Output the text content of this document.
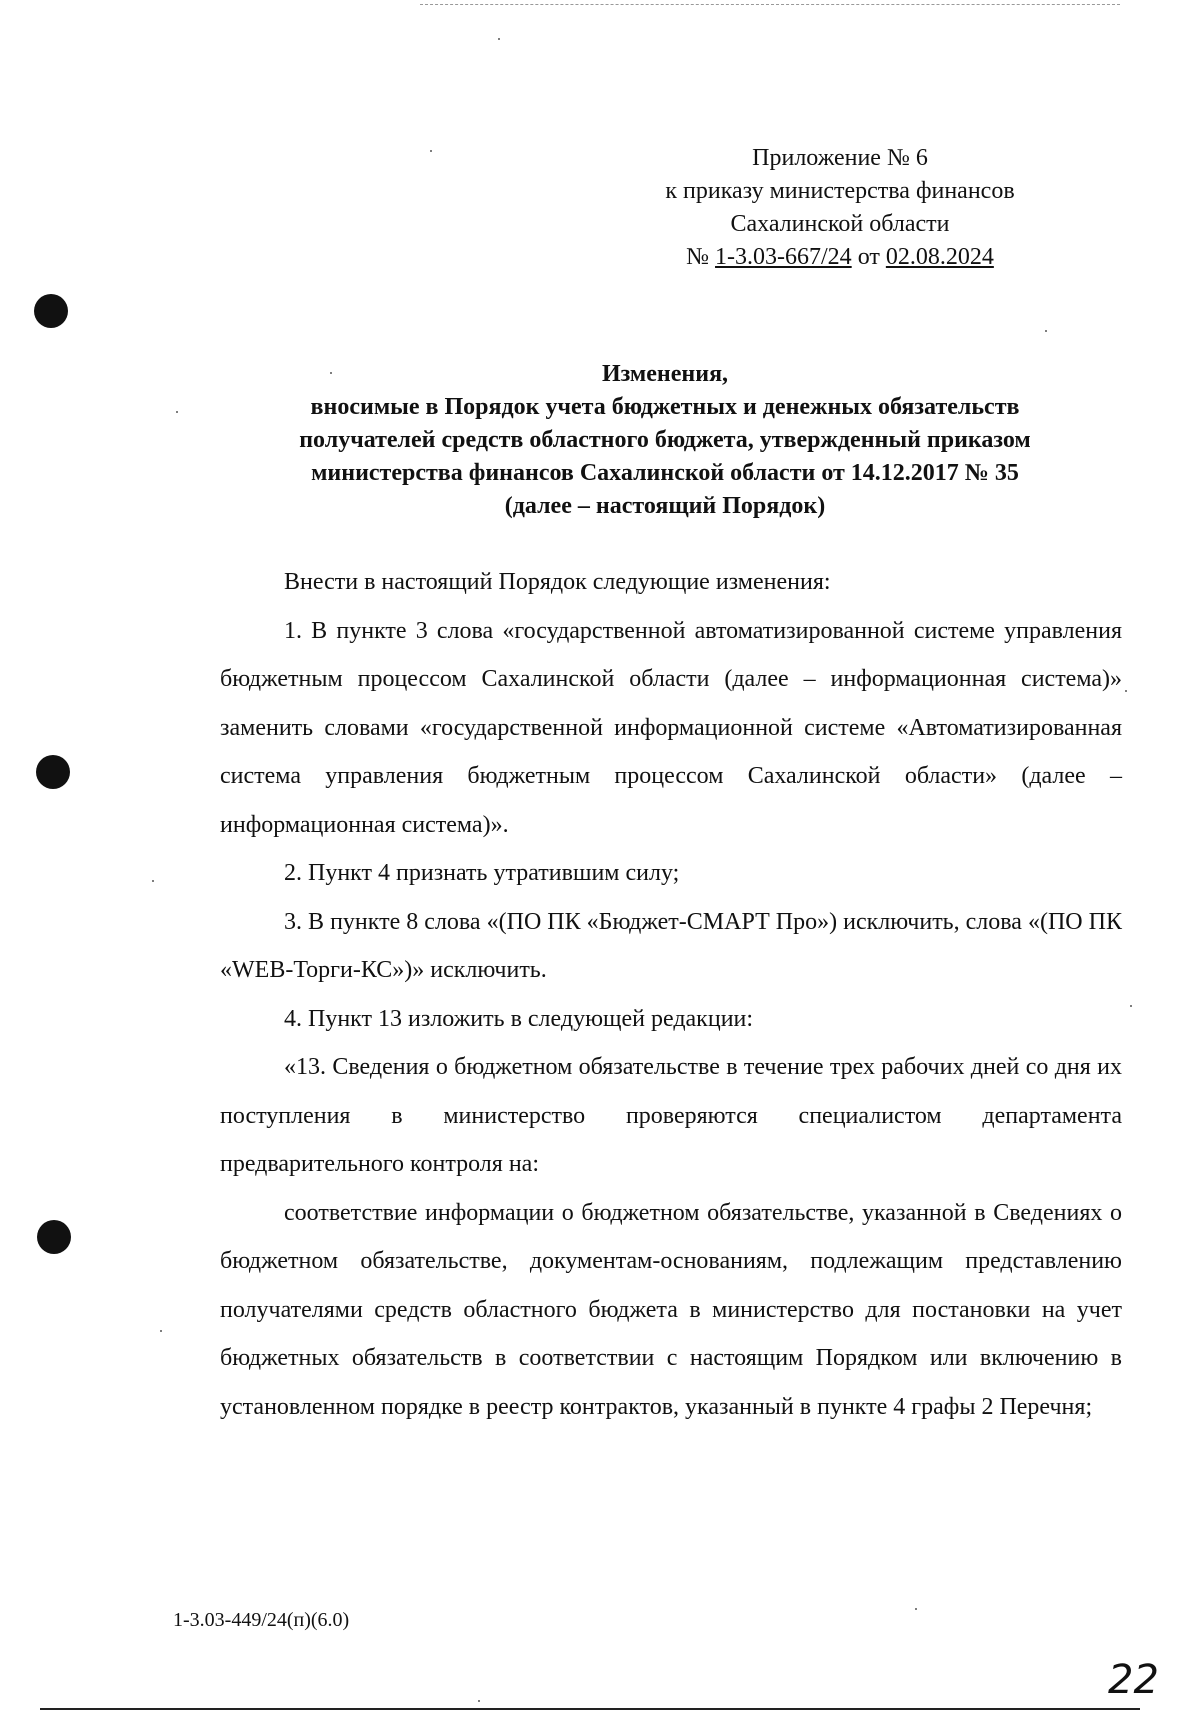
Приложение № 6
к приказу министерства финансов
Сахалинской области
№ 1-3.03-667/24 от 02.08.2024
Изменения,
вносимые в Порядок учета бюджетных и денежных обязательств
получателей средств областного бюджета, утвержденный приказом
министерства финансов Сахалинской области от 14.12.2017 № 35
(далее – настоящий Порядок)

Внести в настоящий Порядок следующие изменения:

1. В пункте 3 слова «государственной автоматизированной системе управления бюджетным процессом Сахалинской области (далее – информационная система)» заменить словами «государственной информационной системе «Автоматизированная система управления бюджетным процессом Сахалинской области» (далее – информационная система)».

2. Пункт 4 признать утратившим силу;

3. В пункте 8 слова «(ПО ПК «Бюджет-СМАРТ Про») исключить, слова «(ПО ПК «WEB-Торги-КС»)» исключить.

4. Пункт 13 изложить в следующей редакции:

«13. Сведения о бюджетном обязательстве в течение трех рабочих дней со дня их поступления в министерство проверяются специалистом департамента предварительного контроля на:

соответствие информации о бюджетном обязательстве, указанной в Сведениях о бюджетном обязательстве, документам-основаниям, подлежащим представлению получателями средств областного бюджета в министерство для постановки на учет бюджетных обязательств в соответствии с настоящим Порядком или включению в установленном порядке в реестр контрактов, указанный в пункте 4 графы 2 Перечня;

1-3.03-449/24(п)(6.0)
22
